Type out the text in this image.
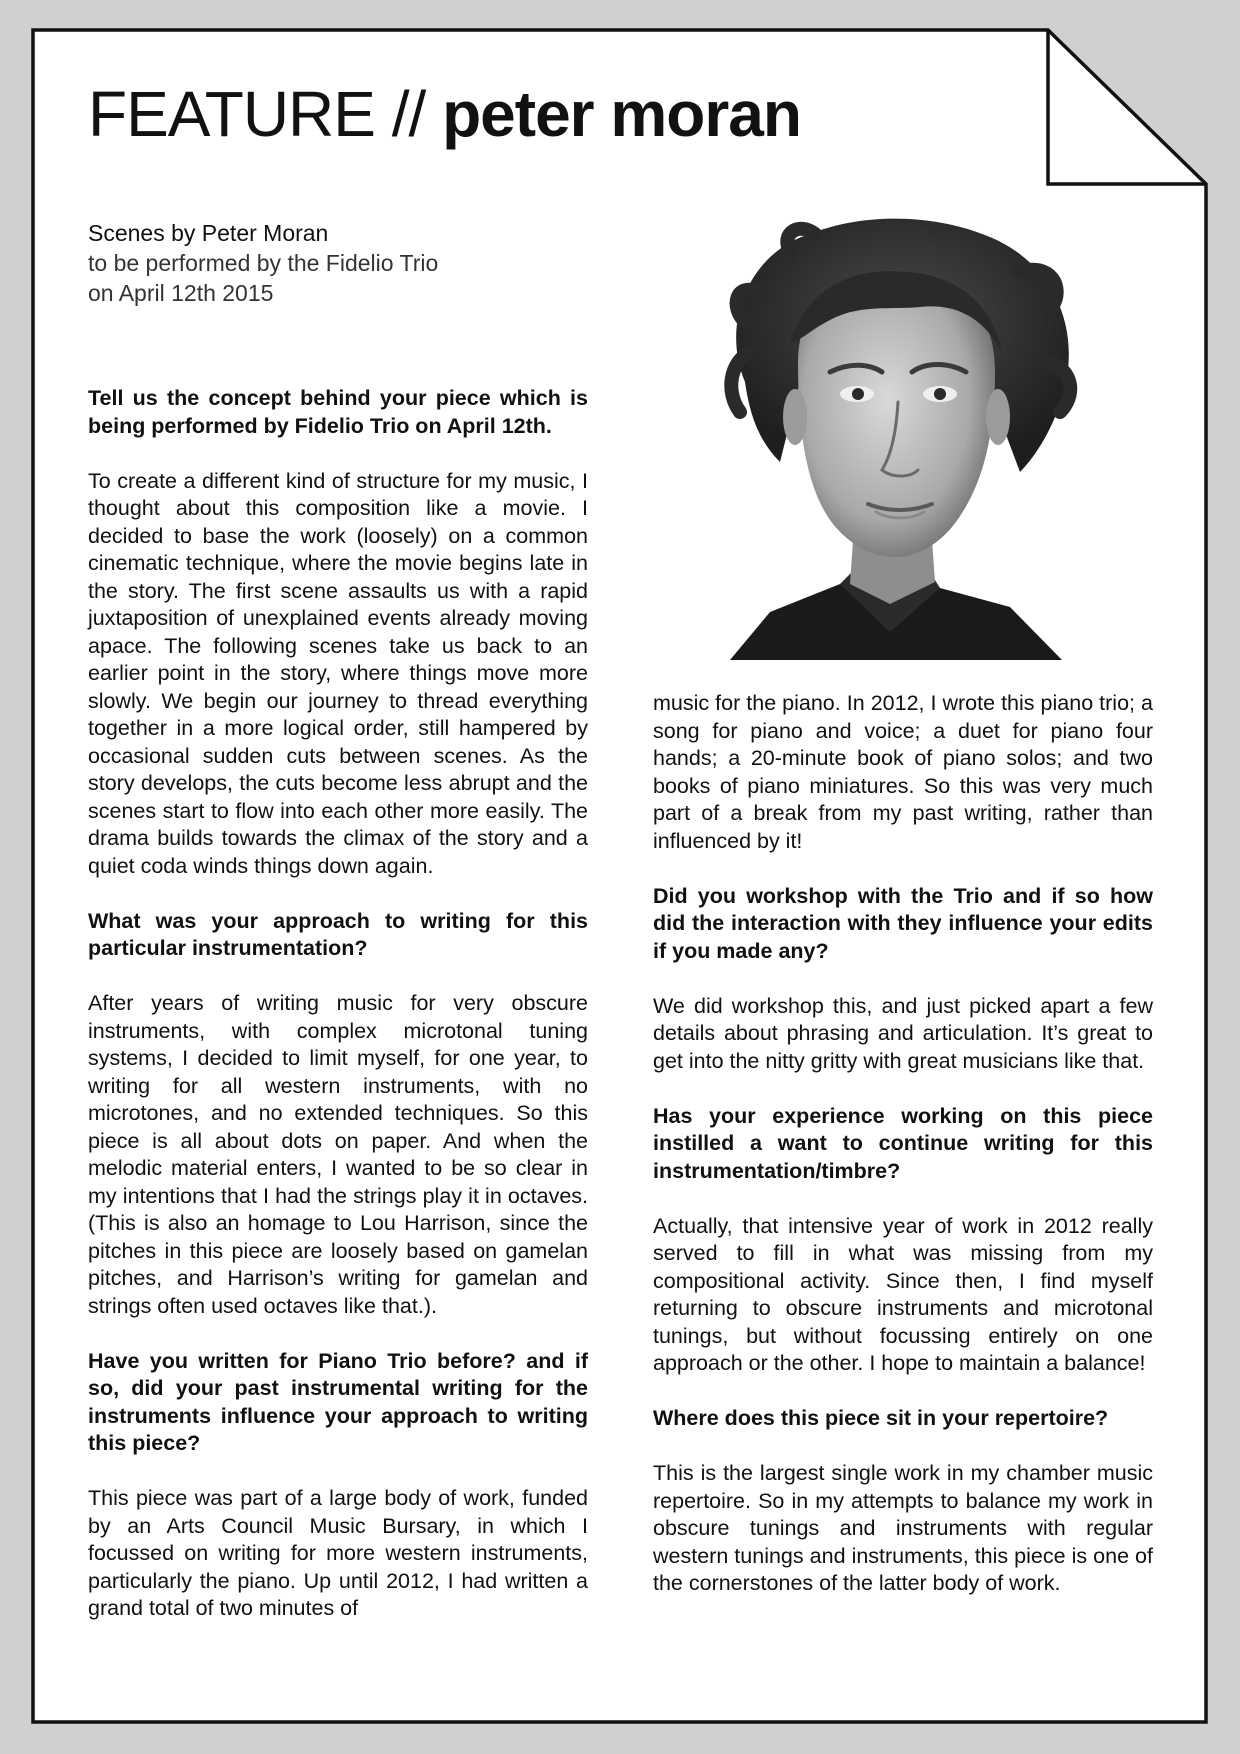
FEATURE // peter moran
Scenes by Peter Moran
to be performed by the Fidelio Trio
on April 12th 2015

Tell us the concept behind your piece which is being performed by Fidelio Trio on April 12th.

To create a different kind of structure for my music, I thought about this composition like a movie. I decided to base the work (loosely) on a common cinematic technique, where the movie begins late in the story. The first scene assaults us with a rapid juxtaposition of unexplained events already moving apace. The following scenes take us back to an earlier point in the story, where things move more slowly. We begin our journey to thread everything together in a more logical order, still hampered by occasional sudden cuts between scenes. As the story develops, the cuts become less abrupt and the scenes start to flow into each other more easily. The drama builds towards the climax of the story and a quiet coda winds things down again.

What was your approach to writing for this particular instrumentation?

After years of writing music for very obscure instruments, with complex microtonal tuning systems, I decided to limit myself, for one year, to writing for all western instruments, with no microtones, and no extended techniques. So this piece is all about dots on paper. And when the melodic material enters, I wanted to be so clear in my intentions that I had the strings play it in octaves. (This is also an homage to Lou Harrison, since the pitches in this piece are loosely based on gamelan pitches, and Harrison’s writing for gamelan and strings often used octaves like that.).

Have you written for Piano Trio before? and if so, did your past instrumental writing for the instruments influence your approach to writing this piece?

This piece was part of a large body of work, funded by an Arts Council Music Bursary, in which I focussed on writing for more western instruments, particularly the piano. Up until 2012, I had written a grand total of two minutes of

music for the piano. In 2012, I wrote this piano trio; a song for piano and voice; a duet for piano four hands; a 20-minute book of piano solos; and two books of piano miniatures. So this was very much part of a break from my past writing, rather than influenced by it!

Did you workshop with the Trio and if so how did the interaction with they influence your edits if you made any?

We did workshop this, and just picked apart a few details about phrasing and articulation. It’s great to get into the nitty gritty with great musicians like that.

Has your experience working on this piece instilled a want to continue writing for this instrumentation/timbre?

Actually, that intensive year of work in 2012 really served to fill in what was missing from my compositional activity. Since then, I find myself returning to obscure instruments and microtonal tunings, but without focussing entirely on one approach or the other. I hope to maintain a balance!

Where does this piece sit in your repertoire?

This is the largest single work in my chamber music repertoire. So in my attempts to balance my work in obscure tunings and instruments with regular western tunings and instruments, this piece is one of the cornerstones of the latter body of work.
